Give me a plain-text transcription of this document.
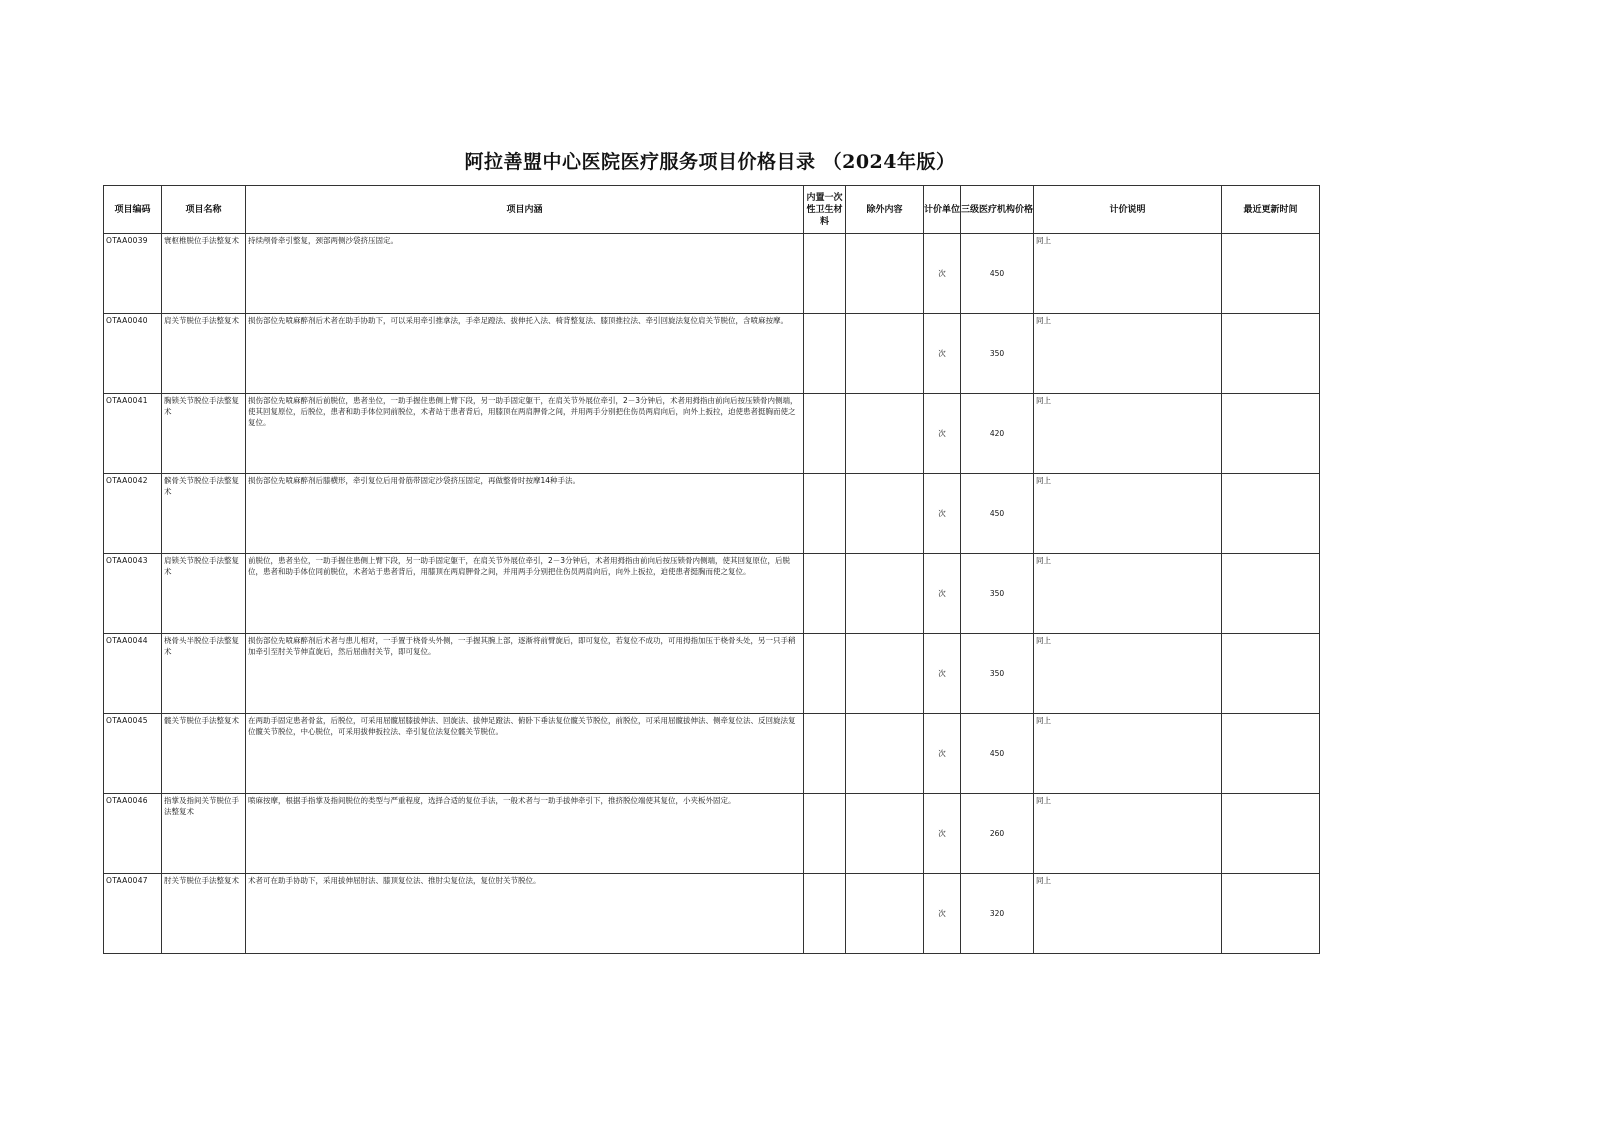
阿拉善盟中心医院医疗服务项目价格目录 （2024年版）
项目编码	项目名称	项目内涵	内置一次性卫生材料	除外内容	计价单位	三级医疗机构价格	计价说明	最近更新时间
OTAA0039	寰枢椎脱位手法整复术	持续颅骨牵引整复，颈部两侧沙袋挤压固定。			次	450	同上	
OTAA0040	肩关节脱位手法整复术	损伤部位先喷麻醉剂后术者在助手协助下，可以采用牵引推拿法，手牵足蹬法、拔伸托入法、椅背整复法、膝顶推拉法、牵引回旋法复位肩关节脱位，含喷麻按摩。			次	350	同上	
OTAA0041	胸锁关节脱位手法整复术	损伤部位先喷麻醉剂后前脱位，患者坐位，一助手握住患侧上臂下段，另一助手固定躯干，在肩关节外展位牵引，2－3分钟后，术者用拇指由前向后按压锁骨内侧端，使其回复原位，后脱位，患者和助手体位同前脱位，术者站于患者背后，用膝顶在两肩胛骨之间，并用两手分别把住伤员两肩向后，向外上扳拉，迫使患者挺胸而使之复位。			次	420	同上	
OTAA0042	髌骨关节脱位手法整复术	损伤部位先喷麻醉剂后膝横形，牵引复位后用骨筋带固定沙袋挤压固定，再做整骨时按摩14种手法。			次	450	同上	
OTAA0043	肩锁关节脱位手法整复术	前脱位，患者坐位，一助手握住患侧上臂下段，另一助手固定躯干，在肩关节外展位牵引，2－3分钟后，术者用拇指由前向后按压锁骨内侧端，使其回复原位，后脱位，患者和助手体位同前脱位，术者站于患者背后，用膝顶在两肩胛骨之间，并用两手分别把住伤员两肩向后，向外上扳拉，迫使患者挺胸而使之复位。			次	350	同上	
OTAA0044	桡骨头半脱位手法整复术	损伤部位先喷麻醉剂后术者与患儿相对，一手置于桡骨头外侧，一手握其腕上部，逐渐将前臂旋后，即可复位，若复位不成功，可用拇指加压于桡骨头处，另一只手稍加牵引至肘关节伸直旋后，然后屈曲肘关节，即可复位。			次	350	同上	
OTAA0045	髋关节脱位手法整复术	在两助手固定患者骨盆，后脱位，可采用屈髋屈膝拔伸法、回旋法、拔伸足蹬法、俯卧下垂法复位髋关节脱位，前脱位，可采用屈髋拔伸法、侧牵复位法、反回旋法复位髋关节脱位，中心脱位，可采用拔伸扳拉法、牵引复位法复位髋关节脱位。			次	450	同上	
OTAA0046	指掌及指间关节脱位手法整复术	喷麻按摩，根据手指掌及指间脱位的类型与严重程度，选择合适的复位手法，一般术者与一助手拔伸牵引下，推挤脱位端使其复位，小夹板外固定。			次	260	同上	
OTAA0047	肘关节脱位手法整复术	术者可在助手协助下，采用拔伸屈肘法、膝顶复位法、推肘尖复位法，复位肘关节脱位。			次	320	同上	
